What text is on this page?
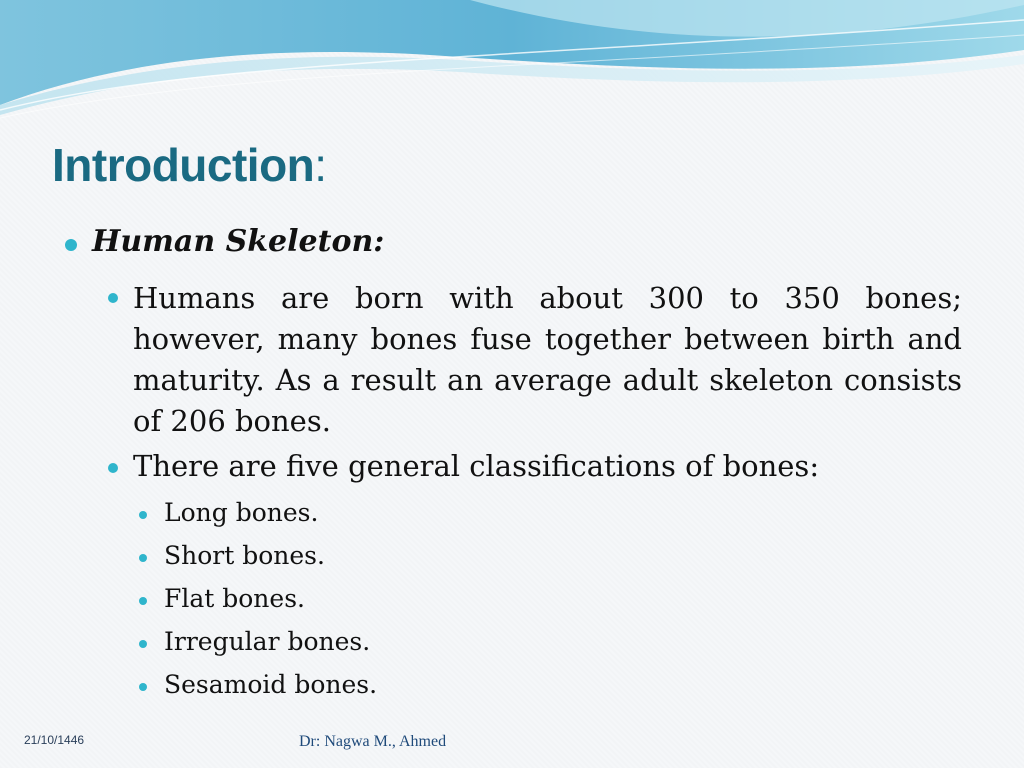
Introduction:
Human Skeleton:

Humans are born with about 300 to 350 bones; however, many bones fuse together between birth and maturity. As a result an average adult skeleton consists of 206 bones.

There are five general classifications of bones:
Long bones.
Short bones.
Flat bones.
Irregular bones.
Sesamoid bones.
21/10/1446	Dr: Nagwa M., Ahmed
